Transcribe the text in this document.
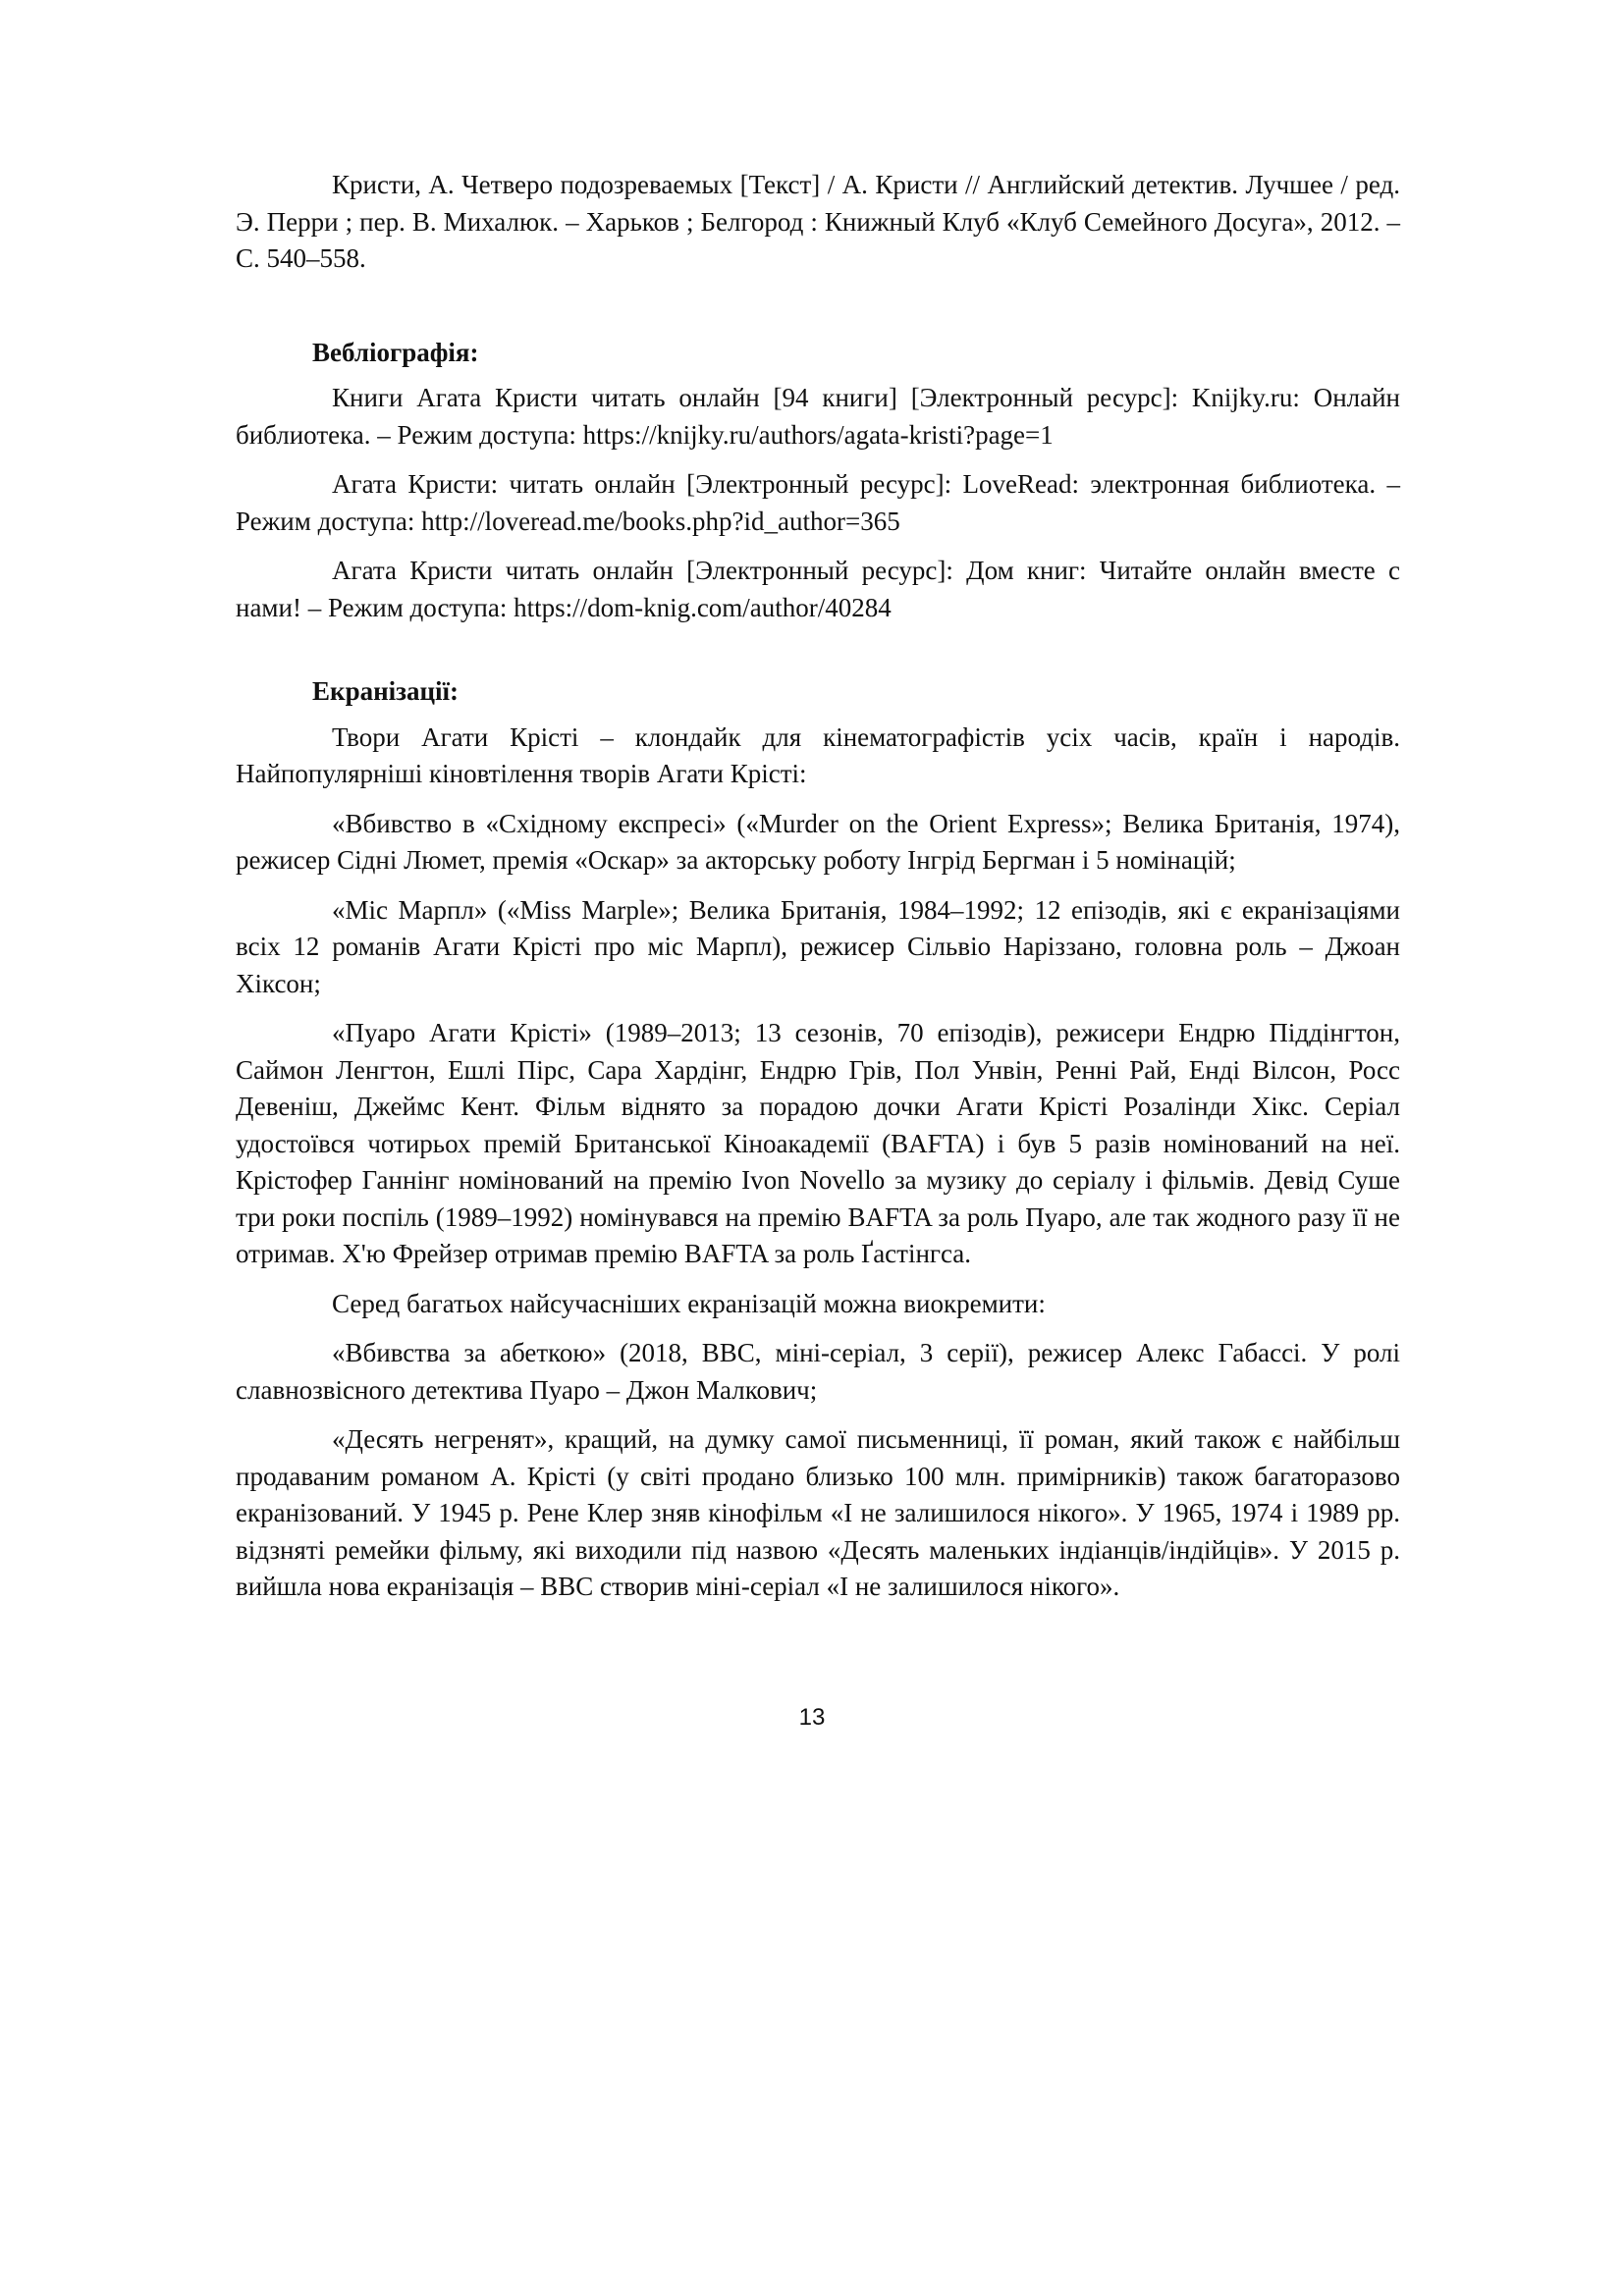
Кристи, А. Четверо подозреваемых [Текст] / А. Кристи // Английский детектив. Лучшее / ред. Э. Перри ; пер. В. Михалюк. – Харьков ; Белгород : Книжный Клуб «Клуб Семейного Досуга», 2012. – С. 540–558.

Вебліографія:

Книги Агата Кристи читать онлайн [94 книги] [Электронный ресурс]: Knijky.ru: Онлайн библиотека. – Режим доступа: https://knijky.ru/authors/agata-kristi?page=1

Агата Кристи: читать онлайн [Электронный ресурс]: LoveRead: электронная библиотека. – Режим доступа: http://loveread.me/books.php?id_author=365

Агата Кристи читать онлайн [Электронный ресурс]: Дом книг: Читайте онлайн вместе с нами! – Режим доступа: https://dom-knig.com/author/40284

Екранізації:

Твори Агати Крісті – клондайк для кінематографістів усіх часів, країн і народів. Найпопулярніші кіновтілення творів Агати Крісті:

«Вбивство в «Східному експресі» («Murder on the Orient Express»; Велика Британія, 1974), режисер Сідні Люмет, премія «Оскар» за акторську роботу Інгрід Бергман і 5 номінацій;

«Міс Марпл» («Miss Marple»; Велика Британія, 1984–1992; 12 епізодів, які є екранізаціями всіх 12 романів Агати Крісті про міс Марпл), режисер Сільвіо Наріззано, головна роль – Джоан Хіксон;

«Пуаро Агати Крісті» (1989–2013; 13 сезонів, 70 епізодів), режисери Ендрю Піддінгтон, Саймон Ленгтон, Ешлі Пірс, Сара Хардінг, Ендрю Грів, Пол Унвін, Ренні Рай, Енді Вілсон, Росс Девеніш, Джеймс Кент. Фільм віднято за порадою дочки Агати Крісті Розалінди Хікс. Серіал удостоївся чотирьох премій Британської Кіноакадемії (BAFTA) і був 5 разів номінований на неї. Крістофер Ганнінг номінований на премію Ivon Novello за музику до серіалу і фільмів. Девід Суше три роки поспіль (1989–1992) номінувався на премію BAFTA за роль Пуаро, але так жодного разу її не отримав. Х'ю Фрейзер отримав премію BAFTA за роль Ґастінгса.

Серед багатьох найсучасніших екранізацій можна виокремити:

«Вбивства за абеткою» (2018, BBC, міні-серіал, 3 серії), режисер Алекс Габассі. У ролі славнозвісного детектива Пуаро – Джон Малкович;

«Десять негренят», кращий, на думку самої письменниці, її роман, який також є найбільш продаваним романом А. Крісті (у світі продано близько 100 млн. примірників) також багаторазово екранізований. У 1945 р. Рене Клер зняв кінофільм «І не залишилося нікого». У 1965, 1974 і 1989 рр. відзняті ремейки фільму, які виходили під назвою «Десять маленьких індіанців/індійців». У 2015 р. вийшла нова екранізація – BBC створив міні-серіал «І не залишилося нікого».

13
